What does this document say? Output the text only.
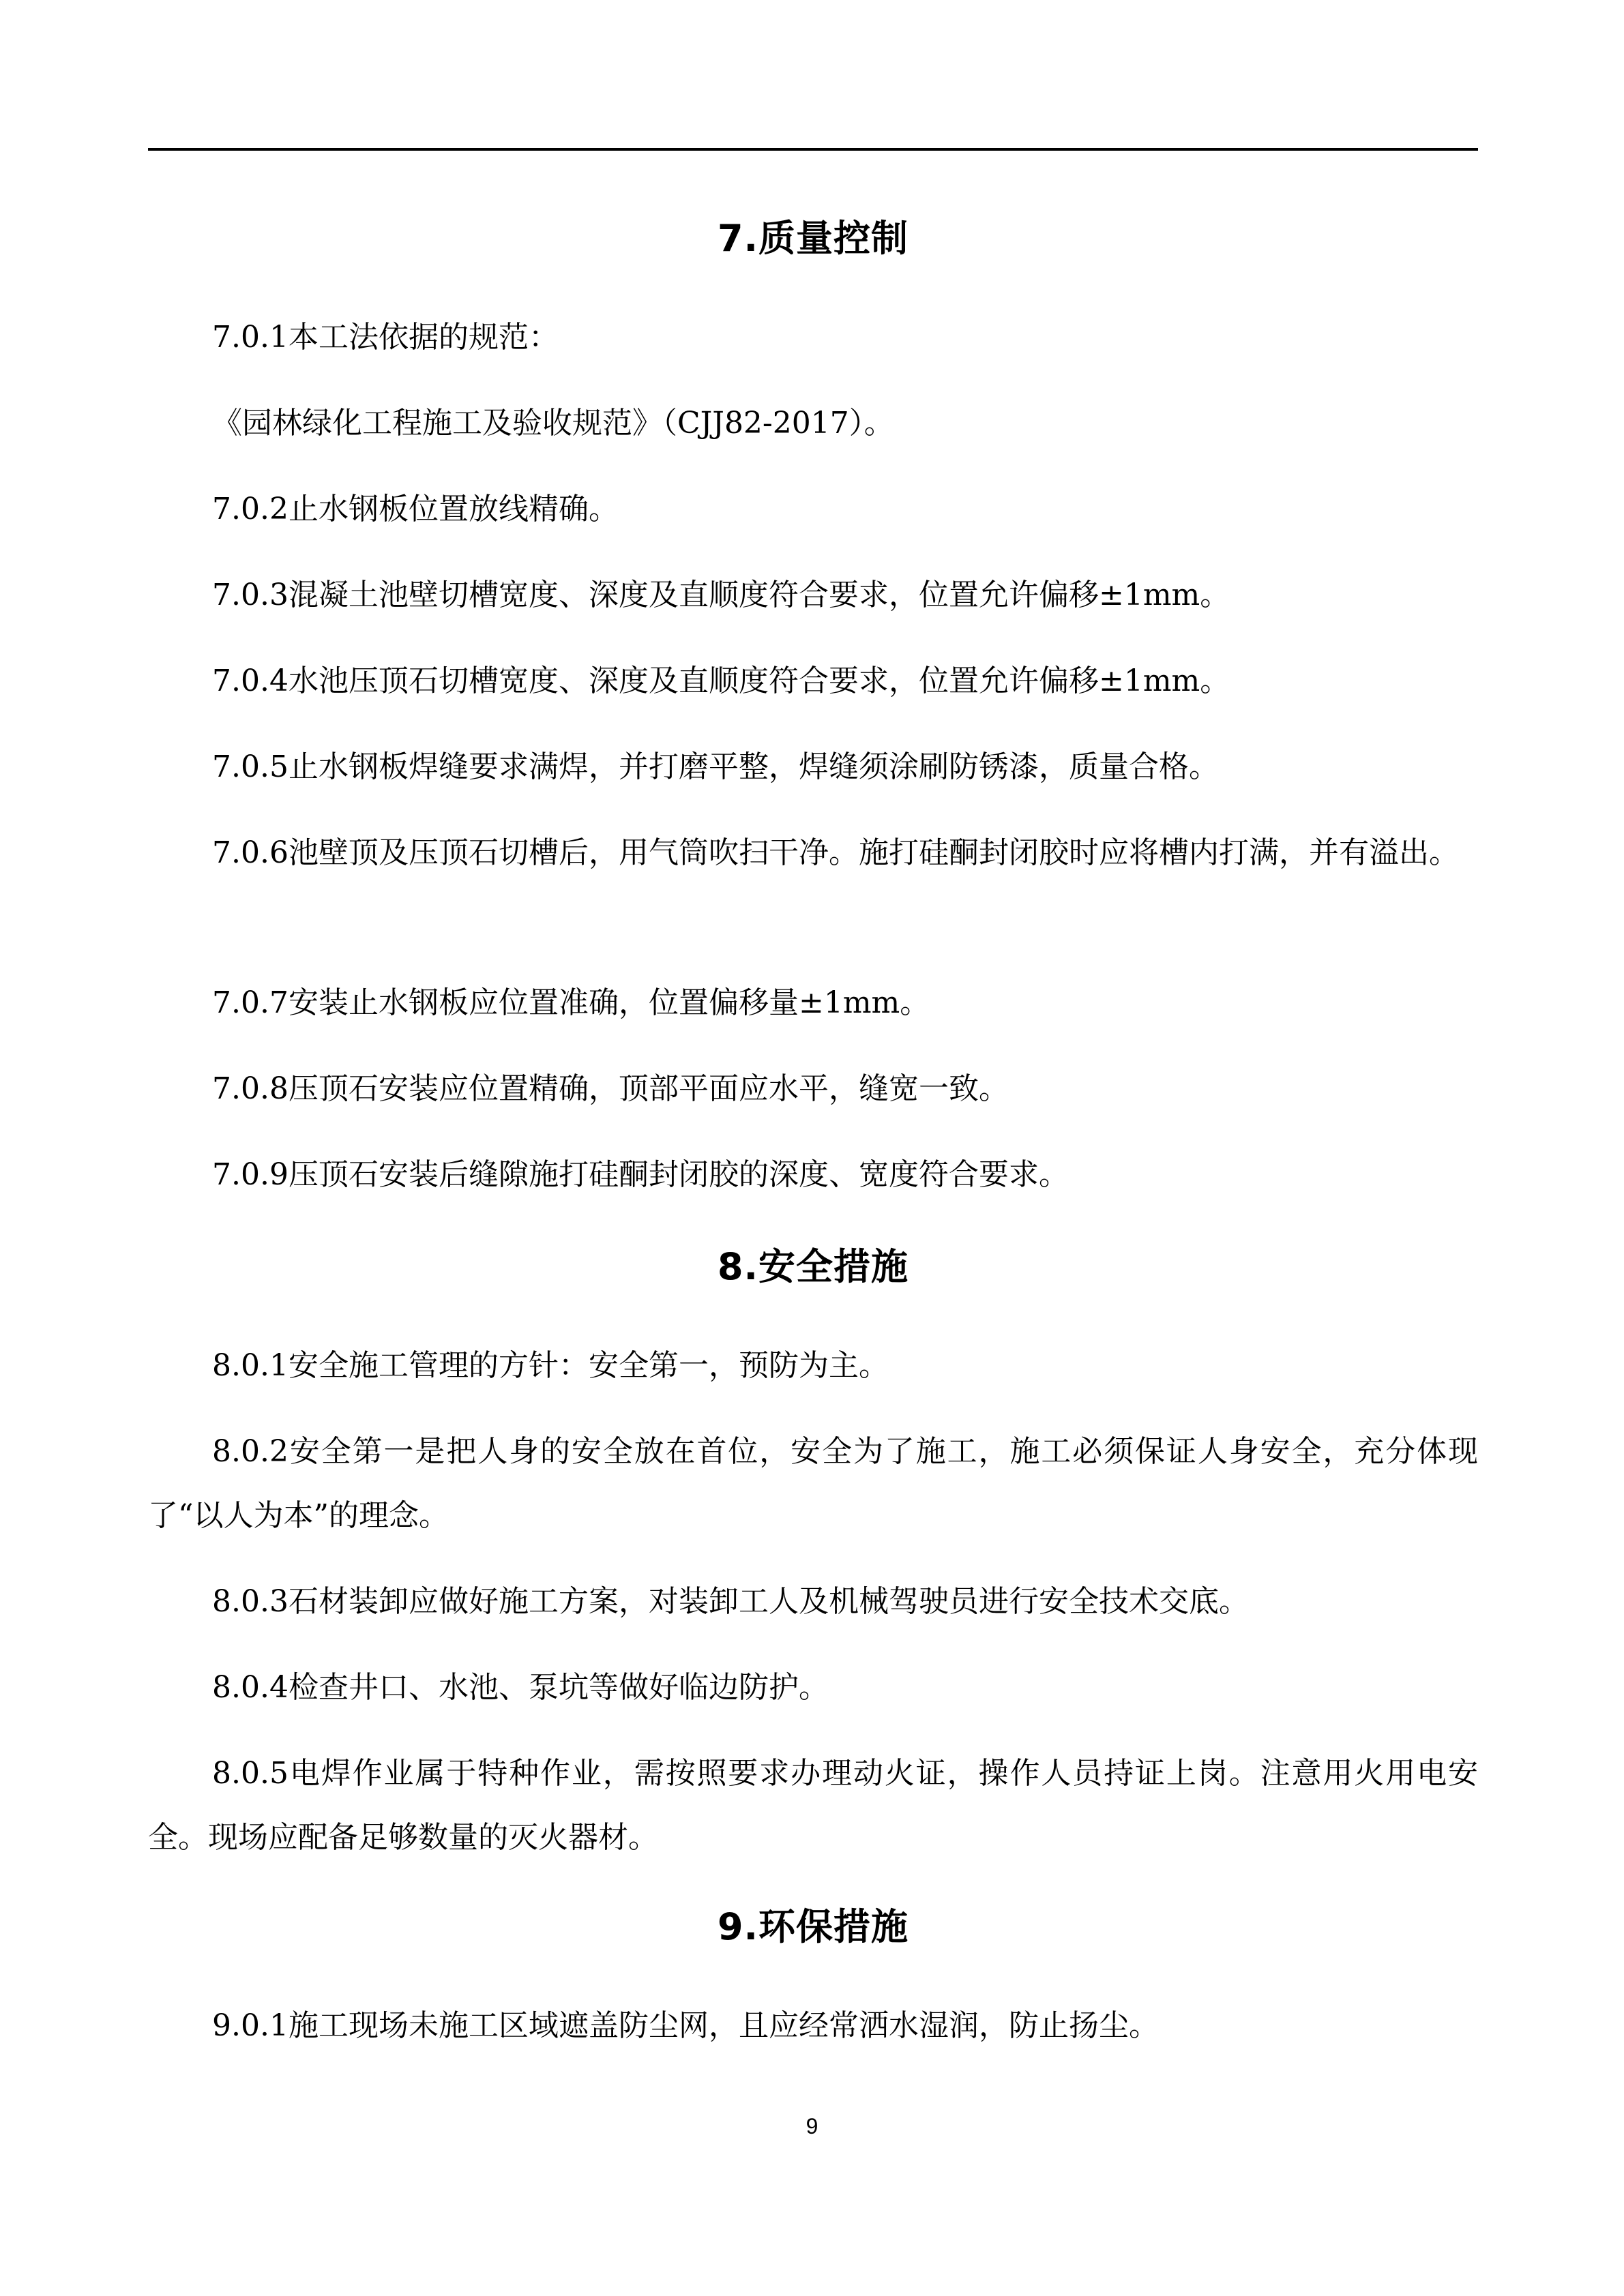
7.质量控制
7.0.1本工法依据的规范：
《园林绿化工程施工及验收规范》（CJJ82-2017）。
7.0.2止水钢板位置放线精确。
7.0.3混凝土池壁切槽宽度、深度及直顺度符合要求，位置允许偏移±1mm。
7.0.4水池压顶石切槽宽度、深度及直顺度符合要求，位置允许偏移±1mm。
7.0.5止水钢板焊缝要求满焊，并打磨平整，焊缝须涂刷防锈漆，质量合格。
7.0.6池壁顶及压顶石切槽后，用气筒吹扫干净。施打硅酮封闭胶时应将槽内打满，并有溢出。
7.0.7安装止水钢板应位置准确，位置偏移量±1mm。
7.0.8压顶石安装应位置精确，顶部平面应水平，缝宽一致。
7.0.9压顶石安装后缝隙施打硅酮封闭胶的深度、宽度符合要求。
8.安全措施
8.0.1安全施工管理的方针：安全第一，预防为主。
8.0.2安全第一是把人身的安全放在首位，安全为了施工，施工必须保证人身安全，充分体现了“以人为本”的理念。
8.0.3石材装卸应做好施工方案，对装卸工人及机械驾驶员进行安全技术交底。
8.0.4检查井口、水池、泵坑等做好临边防护。
8.0.5电焊作业属于特种作业，需按照要求办理动火证，操作人员持证上岗。注意用火用电安全。现场应配备足够数量的灭火器材。
9.环保措施
9.0.1施工现场未施工区域遮盖防尘网，且应经常洒水湿润，防止扬尘。
9
